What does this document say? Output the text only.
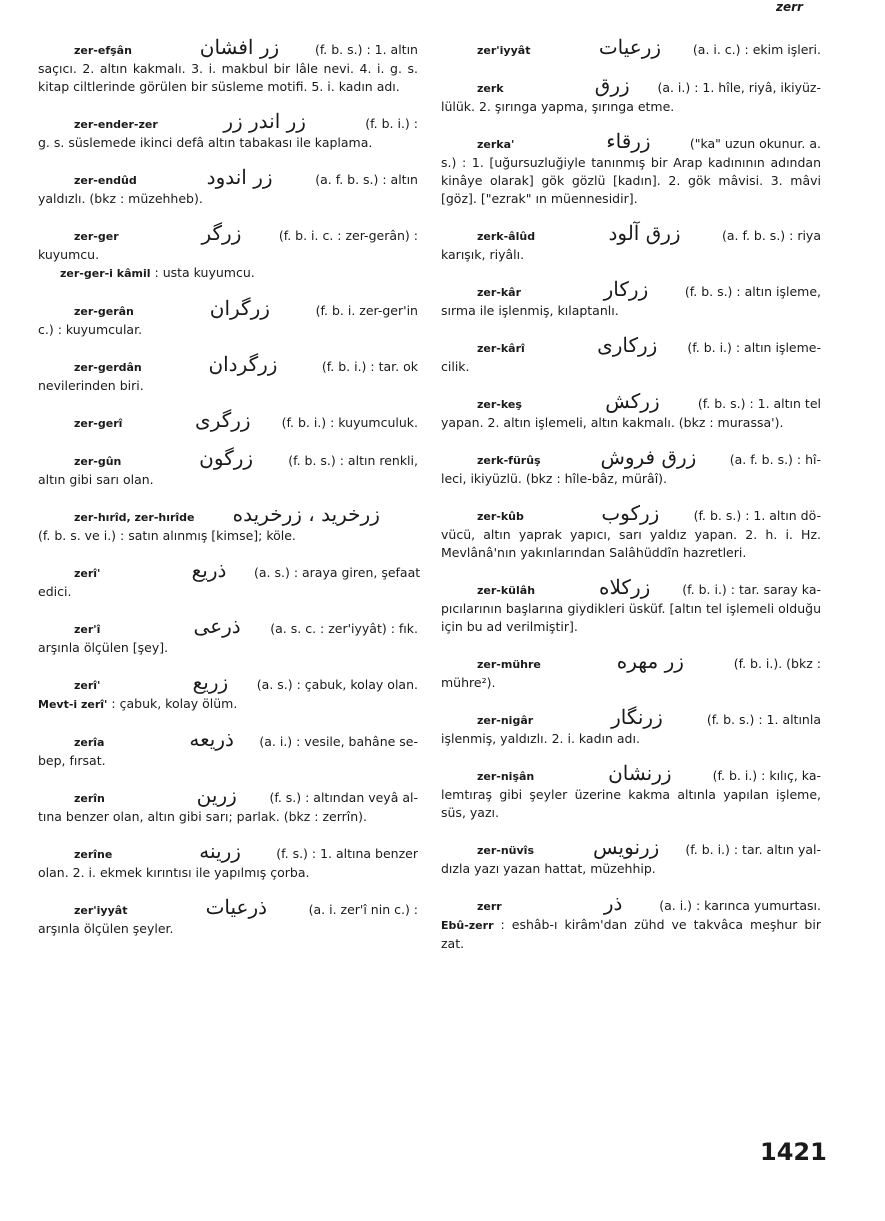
zerr
zer-efşân	زر افشان	(f. b. s.) : 1. altın
saçıcı. 2. altın kakmalı. 3. i. makbul bir lâle nevi. 4. i. g. s. kitap ciltlerinde görülen bir süsleme motifi. 5. i. kadın adı.
zer-ender-zer	زر اندر زر	(f. b. i.) :
g. s. süslemede ikinci defâ altın tabakası ile kaplama.
zer-endûd	زر اندود	(a. f. b. s.) : altın
yaldızlı. (bkz : müzehheb).
zer-ger	زرگر	(f. b. i. c. : zer-gerân) :
kuyumcu.
zer-ger-i kâmil : usta kuyumcu.
zer-gerân	زرگران	(f. b. i. zer-ger'in
c.) : kuyumcular.
zer-gerdân	زرگردان	(f. b. i.) : tar. ok
nevilerinden biri.
zer-gerî	زرگری	(f. b. i.) : kuyumculuk.
zer-gûn	زرگون	(f. b. s.) : altın renkli,
altın gibi sarı olan.
zer-hırîd, zer-hırîde زرخريد ، زرخريده
(f. b. s. ve i.) : satın alınmış [kimse]; köle.
zerî'	ذريع	(a. s.) : araya giren, şefaat
edici.
zer'î	ذرعى	(a. s. c. : zer'iyyât) : fık.
arşınla ölçülen [şey].
zerî'	زريع	(a. s.) : çabuk, kolay olan.
Mevt-i zerî' : çabuk, kolay ölüm.
zerîa	ذريعه	(a. i.) : vesile, bahâne se-
bep, fırsat.
zerîn	زرين	(f. s.) : altından veyâ al-
tına benzer olan, altın gibi sarı; parlak. (bkz : zerrîn).
zerîne	زرينه	(f. s.) : 1. altına benzer
olan. 2. i. ekmek kırıntısı ile yapılmış çorba.
zer'iyyât	ذرعيات	(a. i. zer'î nin c.) :
arşınla ölçülen şeyler.
zer'iyyât	زرعيات	(a. i. c.) : ekim işleri.
zerk	زرق	(a. i.) : 1. hîle, riyâ, ikiyüz-
lülük. 2. şırınga yapma, şırınga etme.
zerka'	زرقاء	("ka" uzun okunur. a.
s.) : 1. [uğursuzluğiyle tanınmış bir Arap kadınının adından kinâye olarak] gök gözlü [kadın]. 2. gök mâvisi. 3. mâvi [göz]. ["ezrak" ın müennesidir].
zerk-âlûd	زرق آلود	(a. f. b. s.) : riya
karışık, riyâlı.
zer-kâr	زركار	(f. b. s.) : altın işleme,
sırma ile işlenmiş, kılaptanlı.
zer-kârî	زركارى	(f. b. i.) : altın işleme-
cilik.
zer-keş	زركش	(f. b. s.) : 1. altın tel
yapan. 2. altın işlemeli, altın kakmalı. (bkz : murassa').
zerk-fürûş	زرق فروش	(a. f. b. s.) : hî-
leci, ikiyüzlü. (bkz : hîle-bâz, mürâî).
zer-kûb	زركوب	(f. b. s.) : 1. altın dö-
vücü, altın yaprak yapıcı, sarı yaldız yapan. 2. h. i. Hz. Mevlânâ'nın yakınlarından Salâhüddîn hazretleri.
zer-külâh	زركلاه	(f. b. i.) : tar. saray ka-
pıcılarının başlarına giydikleri üsküf. [altın tel işlemeli olduğu için bu ad verilmiştir].
zer-mühre	زر مهره	(f. b. i.). (bkz :
mühre²).
zer-nigâr	زرنگار	(f. b. s.) : 1. altınla
işlenmiş, yaldızlı. 2. i. kadın adı.
zer-nişân	زرنشان	(f. b. i.) : kılıç, ka-
lemtıraş gibi şeyler üzerine kakma altınla yapılan işleme, süs, yazı.
zer-nüvîs	زرنويس	(f. b. i.) : tar. altın yal-
dızla yazı yazan hattat, müzehhip.
zerr	ذر	(a. i.) : karınca yumurtası.
Ebû-zerr : eshâb-ı kirâm'dan zühd ve takvâca meşhur bir zat.
1421
